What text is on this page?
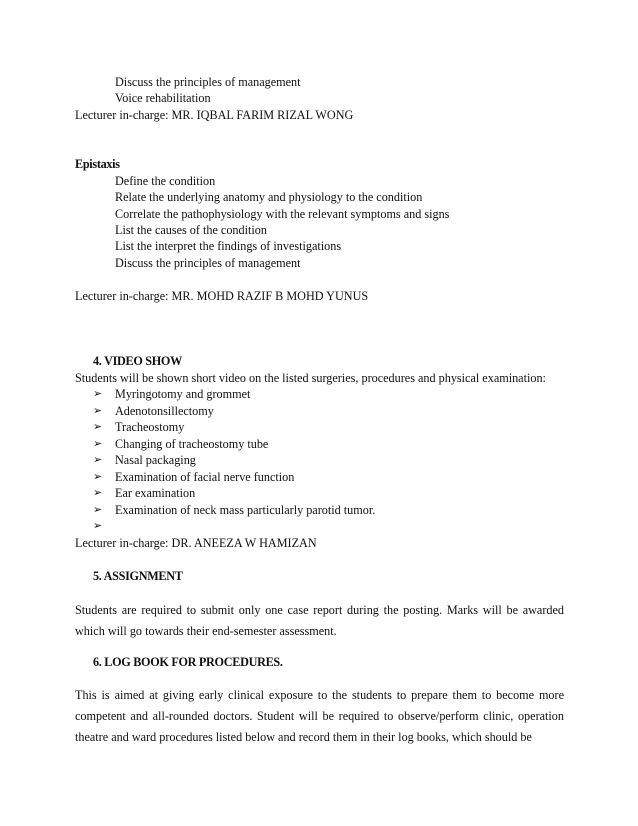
Discuss the principles of management
Voice rehabilitation
Lecturer in-charge: MR. IQBAL FARIM RIZAL WONG
Epistaxis
Define the condition
Relate the underlying anatomy and physiology to the condition
Correlate the pathophysiology with the relevant symptoms and signs
List the causes of the condition
List the interpret the findings of investigations
Discuss the principles of management
Lecturer in-charge: MR. MOHD RAZIF B MOHD YUNUS
4. VIDEO SHOW
Students will be shown short video on the listed surgeries, procedures and physical examination:
➢	Myringotomy and grommet
➢	Adenotonsillectomy
➢	Tracheostomy
➢	Changing of tracheostomy tube
➢	Nasal packaging
➢	Examination of facial nerve function
➢	Ear examination
➢	Examination of neck mass particularly parotid tumor.
➢
Lecturer in-charge: DR. ANEEZA W HAMIZAN
5. ASSIGNMENT
Students are required to submit only one case report during the posting. Marks will be awarded which will go towards their end-semester assessment.
6. LOG BOOK FOR PROCEDURES.
This is aimed at giving early clinical exposure to the students to prepare them to become more competent and all-rounded doctors. Student will be required to observe/perform clinic, operation theatre and ward procedures listed below and record them in their log books, which should be
